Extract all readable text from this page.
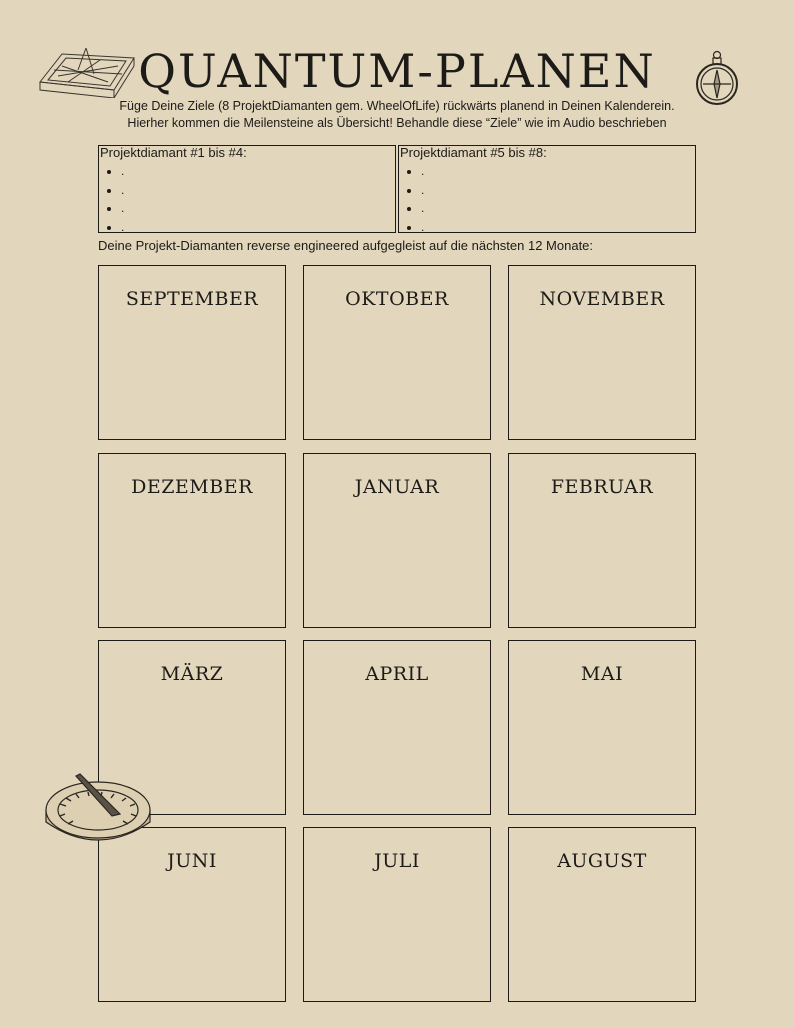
QUANTUM-PLANEN

Füge Deine Ziele (8 ProjektDiamanten gem. WheelOfLife) rückwärts planend in Deinen Kalenderein.
Hierher kommen die Meilensteine als Übersicht! Behandle diese “Ziele” wie im Audio beschrieben

Projektdiamant #1 bis #4:
• .
• .
• .
• .
Projektdiamant #5 bis #8:
• .
• .
• .
• .

Deine Projekt-Diamanten reverse engineered aufgegleist auf die nächsten 12 Monate:

SEPTEMBER	OKTOBER	NOVEMBER
DEZEMBER	JANUAR	FEBRUAR
MÄRZ	APRIL	MAI
JUNI	JULI	AUGUST
